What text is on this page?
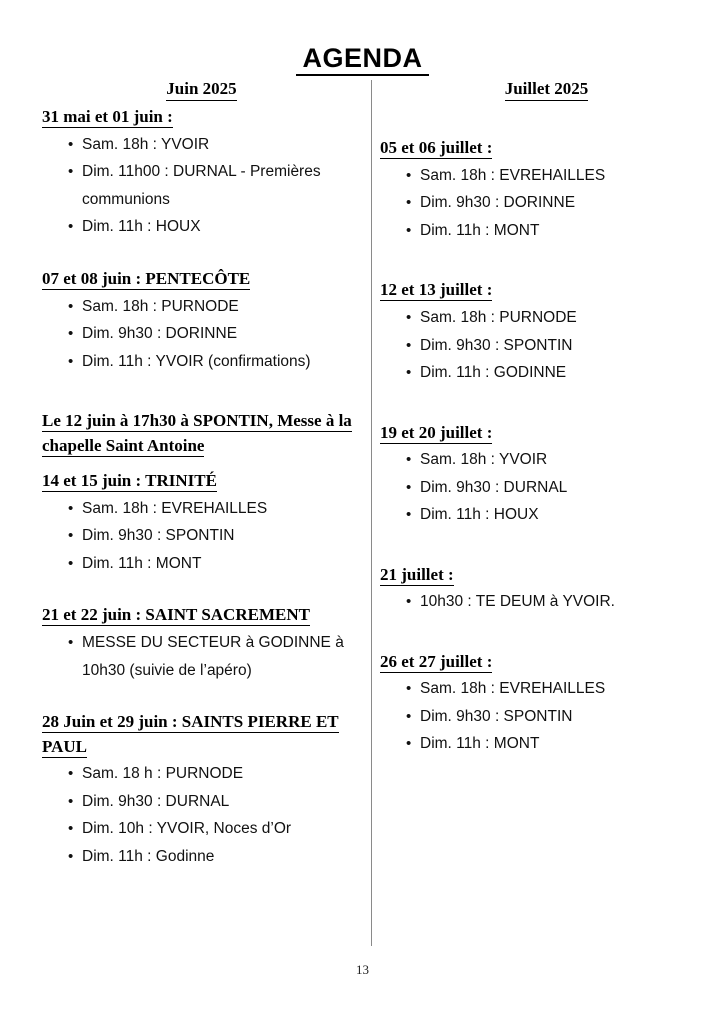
AGENDA
Juin 2025
31 mai et 01 juin :
• Sam. 18h : YVOIR
• Dim. 11h00 : DURNAL - Premières communions
• Dim. 11h : HOUX
07 et 08 juin : PENTECÔTE
• Sam. 18h : PURNODE
• Dim. 9h30 : DORINNE
• Dim. 11h : YVOIR (confirmations)
Le 12 juin à 17h30 à SPONTIN, Messe à la chapelle Saint Antoine
14 et 15 juin : TRINITÉ
• Sam. 18h : EVREHAILLES
• Dim. 9h30 : SPONTIN
• Dim. 11h : MONT
21 et 22 juin : SAINT SACREMENT
• MESSE DU SECTEUR à GODINNE à 10h30 (suivie de l’apéro)
28 Juin et 29 juin : SAINTS PIERRE ET PAUL
• Sam. 18 h : PURNODE
• Dim. 9h30 : DURNAL
• Dim. 10h : YVOIR, Noces d’Or
• Dim. 11h : Godinne
Juillet 2025
05 et 06 juillet :
• Sam. 18h : EVREHAILLES
• Dim. 9h30 : DORINNE
• Dim. 11h : MONT
12 et 13 juillet :
• Sam. 18h : PURNODE
• Dim. 9h30 : SPONTIN
• Dim. 11h : GODINNE
19 et 20 juillet :
• Sam. 18h : YVOIR
• Dim. 9h30 : DURNAL
• Dim. 11h : HOUX
21 juillet :
• 10h30 : TE DEUM à YVOIR.
26 et 27 juillet :
• Sam. 18h : EVREHAILLES
• Dim. 9h30 : SPONTIN
• Dim. 11h : MONT
13
